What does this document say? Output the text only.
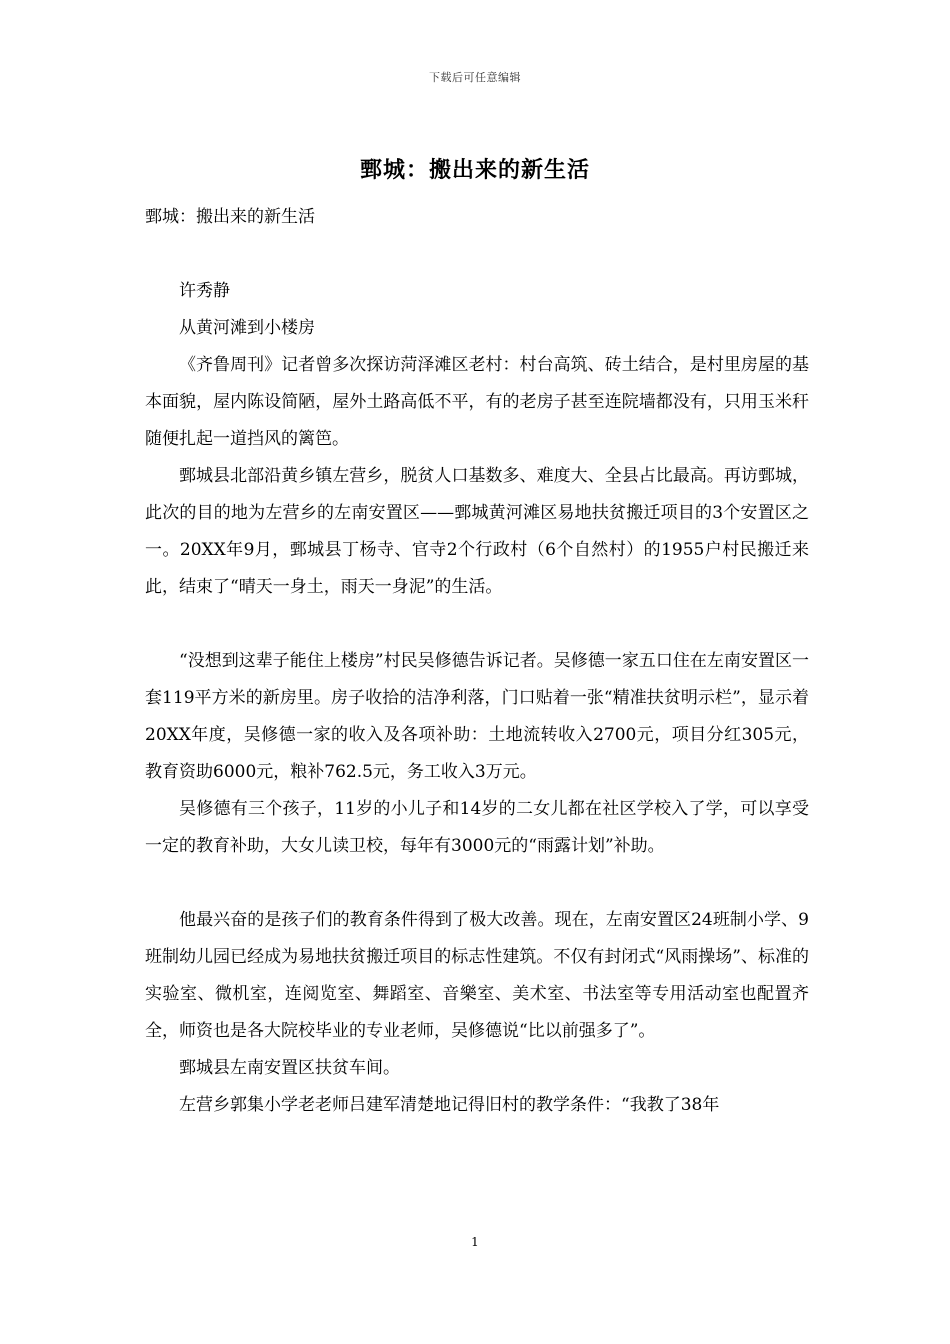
下载后可任意编辑
鄄城：搬出来的新生活

鄄城：搬出来的新生活

许秀静

从黄河滩到小楼房

《齐鲁周刊》记者曾多次探访菏泽滩区老村：村台高筑、砖土结合，是村里房屋的基本面貌，屋内陈设简陋，屋外土路高低不平，有的老房子甚至连院墙都没有，只用玉米秆随便扎起一道挡风的篱笆。

鄄城县北部沿黄乡镇左营乡，脱贫人口基数多、难度大、全县占比最高。再访鄄城，此次的目的地为左营乡的左南安置区——鄄城黄河滩区易地扶贫搬迁项目的3个安置区之一。20XX年9月，鄄城县丁杨寺、官寺2个行政村（6个自然村）的1955户村民搬迁来此，结束了“晴天一身土，雨天一身泥”的生活。

“没想到这辈子能住上楼房”村民吴修德告诉记者。吴修德一家五口住在左南安置区一套119平方米的新房里。房子收拾的洁净利落，门口贴着一张“精准扶贫明示栏”，显示着20XX年度，吴修德一家的收入及各项补助：土地流转收入2700元，项目分红305元，教育资助6000元，粮补762.5元，务工收入3万元。

吴修德有三个孩子，11岁的小儿子和14岁的二女儿都在社区学校入了学，可以享受一定的教育补助，大女儿读卫校，每年有3000元的“雨露计划”补助。

他最兴奋的是孩子们的教育条件得到了极大改善。现在，左南安置区24班制小学、9班制幼儿园已经成为易地扶贫搬迁项目的标志性建筑。不仅有封闭式“风雨操场”、标准的实验室、微机室，连阅览室、舞蹈室、音樂室、美术室、书法室等专用活动室也配置齐全，师资也是各大院校毕业的专业老师，吴修德说“比以前强多了”。

鄄城县左南安置区扶贫车间。

左营乡郭集小学老老师吕建军清楚地记得旧村的教学条件：“我教了38年

1
